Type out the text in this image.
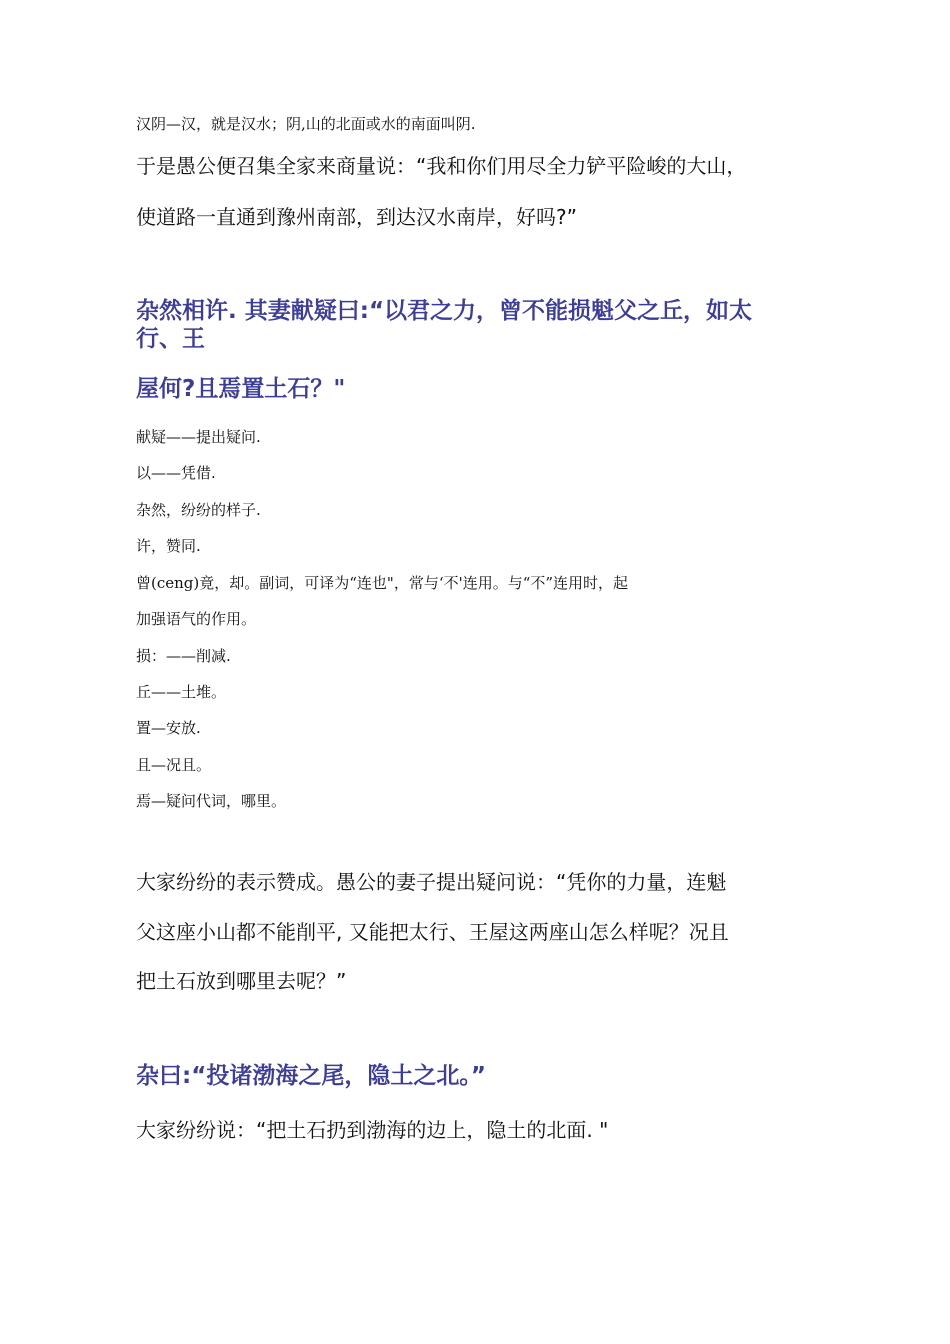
汉阴—汉，就是汉水；阴,山的北面或水的南面叫阴.
于是愚公便召集全家来商量说：“我和你们用尽全力铲平险峻的大山，
使道路一直通到豫州南部，到达汉水南岸，好吗?”
杂然相许. 其妻献疑曰:“以君之力，曾不能损魁父之丘，如太
行、王
屋何?且焉置土石？"
献疑——提出疑问.
以——凭借.
杂然，纷纷的样子.
许，赞同.
曾(ceng)竟，却。副词，可译为“连也"，常与‘不'连用。与“不”连用时，起
加强语气的作用。
损：——削减.
丘——土堆。
置—安放.
且—况且。
焉—疑问代词，哪里。
大家纷纷的表示赞成。愚公的妻子提出疑问说：“凭你的力量，连魁
父这座小山都不能削平, 又能把太行、王屋这两座山怎么样呢？况且
把土石放到哪里去呢？”
杂曰:“投诸渤海之尾，隐土之北。”
大家纷纷说：“把土石扔到渤海的边上，隐土的北面. "
